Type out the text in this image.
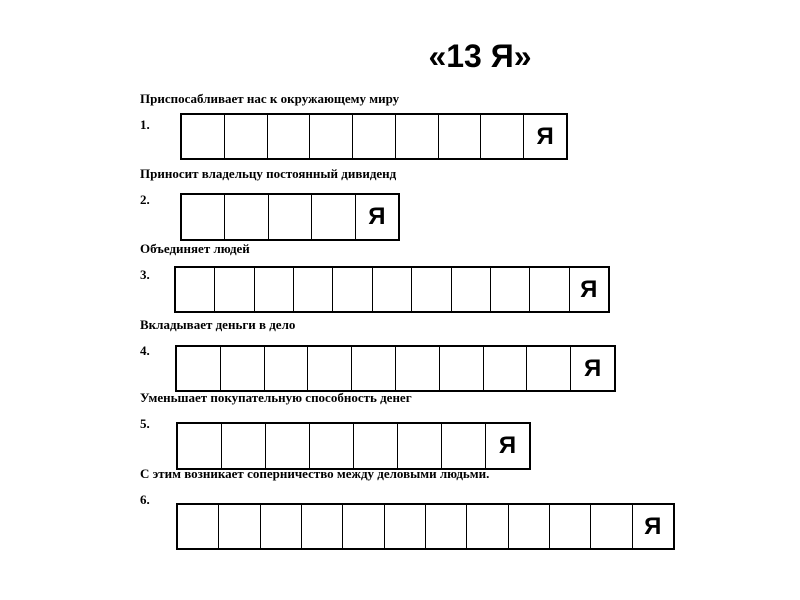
«13 Я»
Приспосабливает нас к окружающему миру
1.	Я
Приносит владельцу постоянный дивиденд
2.
Я
Объединяет людей
3.
Я
Вкладывает деньги в дело
4.
Я
Уменьшает покупательную способность денег
5.
Я
С этим возникает соперничество между деловыми людьми.
6.
Я
